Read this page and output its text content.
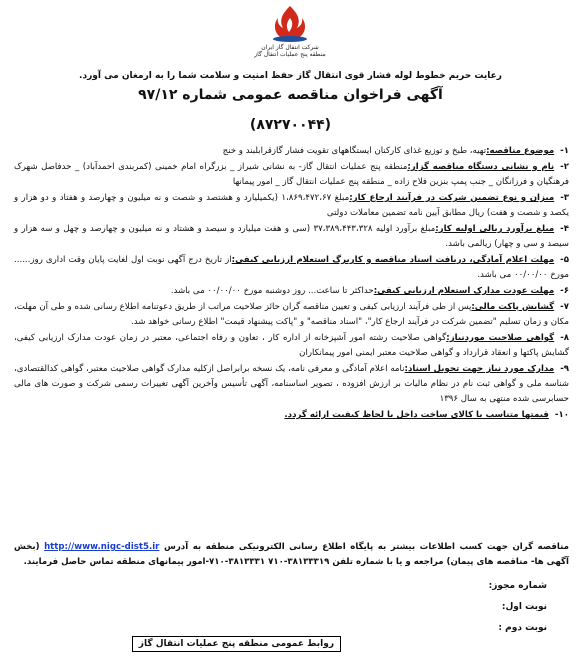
شرکت انتقال گاز ایران
منطقه پنج عملیات انتقال گاز
رعایت حریم خطوط لوله فشار قوی انتقال گاز حفظ امنیت و سلامت شما را به ارمغان می آورد.
آگهی فراخوان مناقصه عمومی شماره ۹۷/۱۲
(۸۷۲۷۰۰۴۴)
۱-موضوع مناقصه:تهیه، طبخ و توزیع غذای کارکنان ایستگاههای تقویت فشار گازقرابلبند و خنج
۲-نام و نشانی دستگاه مناقصه گزار:منطقه پنج عملیات انتقال گاز- به نشانی شیراز _ بزرگراه امام خمینی (کمربندی احمدآباد) _ حدفاصل شهرک فرهنگیان و فرزانگان _ جنب پمپ بنزین فلاح زاده _ منطقه پنج عملیات انتقال گاز _ امور پیمانها
۳-میزان و نوع تضمین شرکت در فرآیند ارجاع کار:مبلغ ۱،۸۶۹،۴۷۲،۶۷ (یکمیلیارد و هشتصد و شصت و نه میلیون و چهارصد و هفتاد و دو هزار و یکصد و شصت و هفت) ریال مطابق آیین نامه تضمین معاملات دولتی
۴-مبلغ برآورد ریالی اولیه کار:مبلغ برآورد اولیه ۳۷،۳۸۹،۴۴۳،۳۲۸ (سی و هفت میلیارد و سیصد و هشتاد و نه میلیون و چهارصد و چهل و سه هزار و سیصد و سی و چهار) ریالمی باشد.
۵-مهلت اعلام آمادگی، دریافت اسناد مناقصه و کاربرگ استعلام ارزیابی کیفی:از تاریخ درج آگهی نوبت اول لغایت پایان وقت اداری روز...... مورخ ۰۰/۰۰/۰۰ می باشد.
۶-مهلت عودت مدارک استعلام ارزیابی کیفی:حداکثر تا ساعت... روز دوشنبه مورخ ۰۰/۰۰/۰۰ می باشد.
۷-گشایش پاکت مالی:پس از طی فرآیند ارزیابی کیفی و تعیین مناقصه گران حائز صلاحیت مراتب از طریق دعوتنامه اطلاع رسانی شده و طی آن مهلت، مکان و زمان تسلیم "تضمین شرکت در فرآیند ارجاع کار"، "اسناد مناقصه" و "پاکت پیشنهاد قیمت" اطلاع رسانی خواهد شد.
۸-گواهی صلاحیت موردنیاز:گواهی صلاحیت رشته امور آشپزخانه از اداره کار ، تعاون و رفاه اجتماعی، معتبر در زمان عودت مدارک ارزیابی کیفی، گشایش پاکتها و انعقاد قرارداد و گواهی صلاحیت معتبر ایمنی امور پیمانکاران
۹-مدارک مورد نیاز جهت تحویل اسناد:نامه اعلام آمادگی و معرفی نامه، یک نسخه برابراصل ازکلیه مدارک گواهی صلاحیت معتبر، گواهی کدالقتصادی، شناسه ملی و گواهی ثبت نام در نظام مالیات بر ارزش افزوده ، تصویر اساسنامه، آگهی تأسیس وآخرین آگهی تغییرات رسمی شرکت و صورت های مالی حسابرسی شده منتهی به سال ۱۳۹۶
۱۰-قیمتها متناسب با کالای ساخت داخل با لحاظ کیفیت ارائه گردد.
مناقصه گران جهت کسب اطلاعات بیشتر به پایگاه اطلاع رسانی الکترونیکی منطقه به آدرس http://www.nigc-dist5.ir (بخش آگهی ها- مناقصه های پیمان) مراجعه و یا با شماره تلفن ۳۸۱۳۳۳۱۹-۷۱۰ ۳۸۱۳۳۳۱-۷۱۰-امور پیمانهای منطقه تماس حاصل فرمایند.
شماره مجوز:
نوبت اول:
نوبت دوم :
روابط عمومی منطقه پنج عملیات انتقال گاز
